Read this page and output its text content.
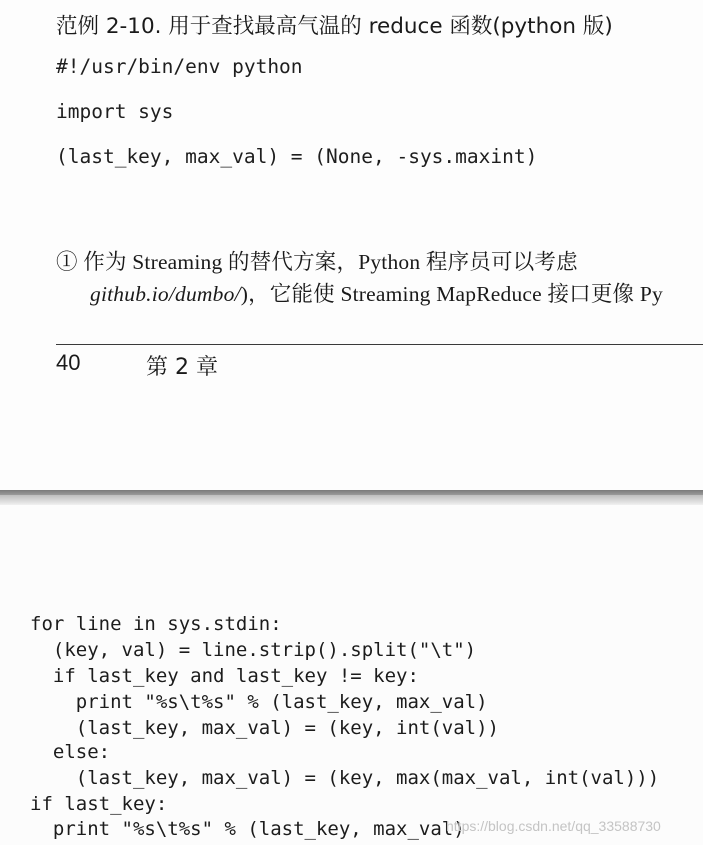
范例 2-10. 用于查找最高气温的 reduce 函数(python 版)
#!/usr/bin/env python
import sys
(last_key, max_val) = (None, -sys.maxint)
① 作为 Streaming 的替代方案，Python 程序员可以考虑
github.io/dumbo/)，它能使 Streaming MapReduce 接口更像 Py
40	第 2 章
for line in sys.stdin:
(key, val) = line.strip().split("\t")
if last_key and last_key != key:
print "%s\t%s" % (last_key, max_val)
(last_key, max_val) = (key, int(val))
else:
(last_key, max_val) = (key, max(max_val, int(val)))
if last_key:
print "%s\t%s" % (last_key, max_val)
https://blog.csdn.net/qq_33588730
